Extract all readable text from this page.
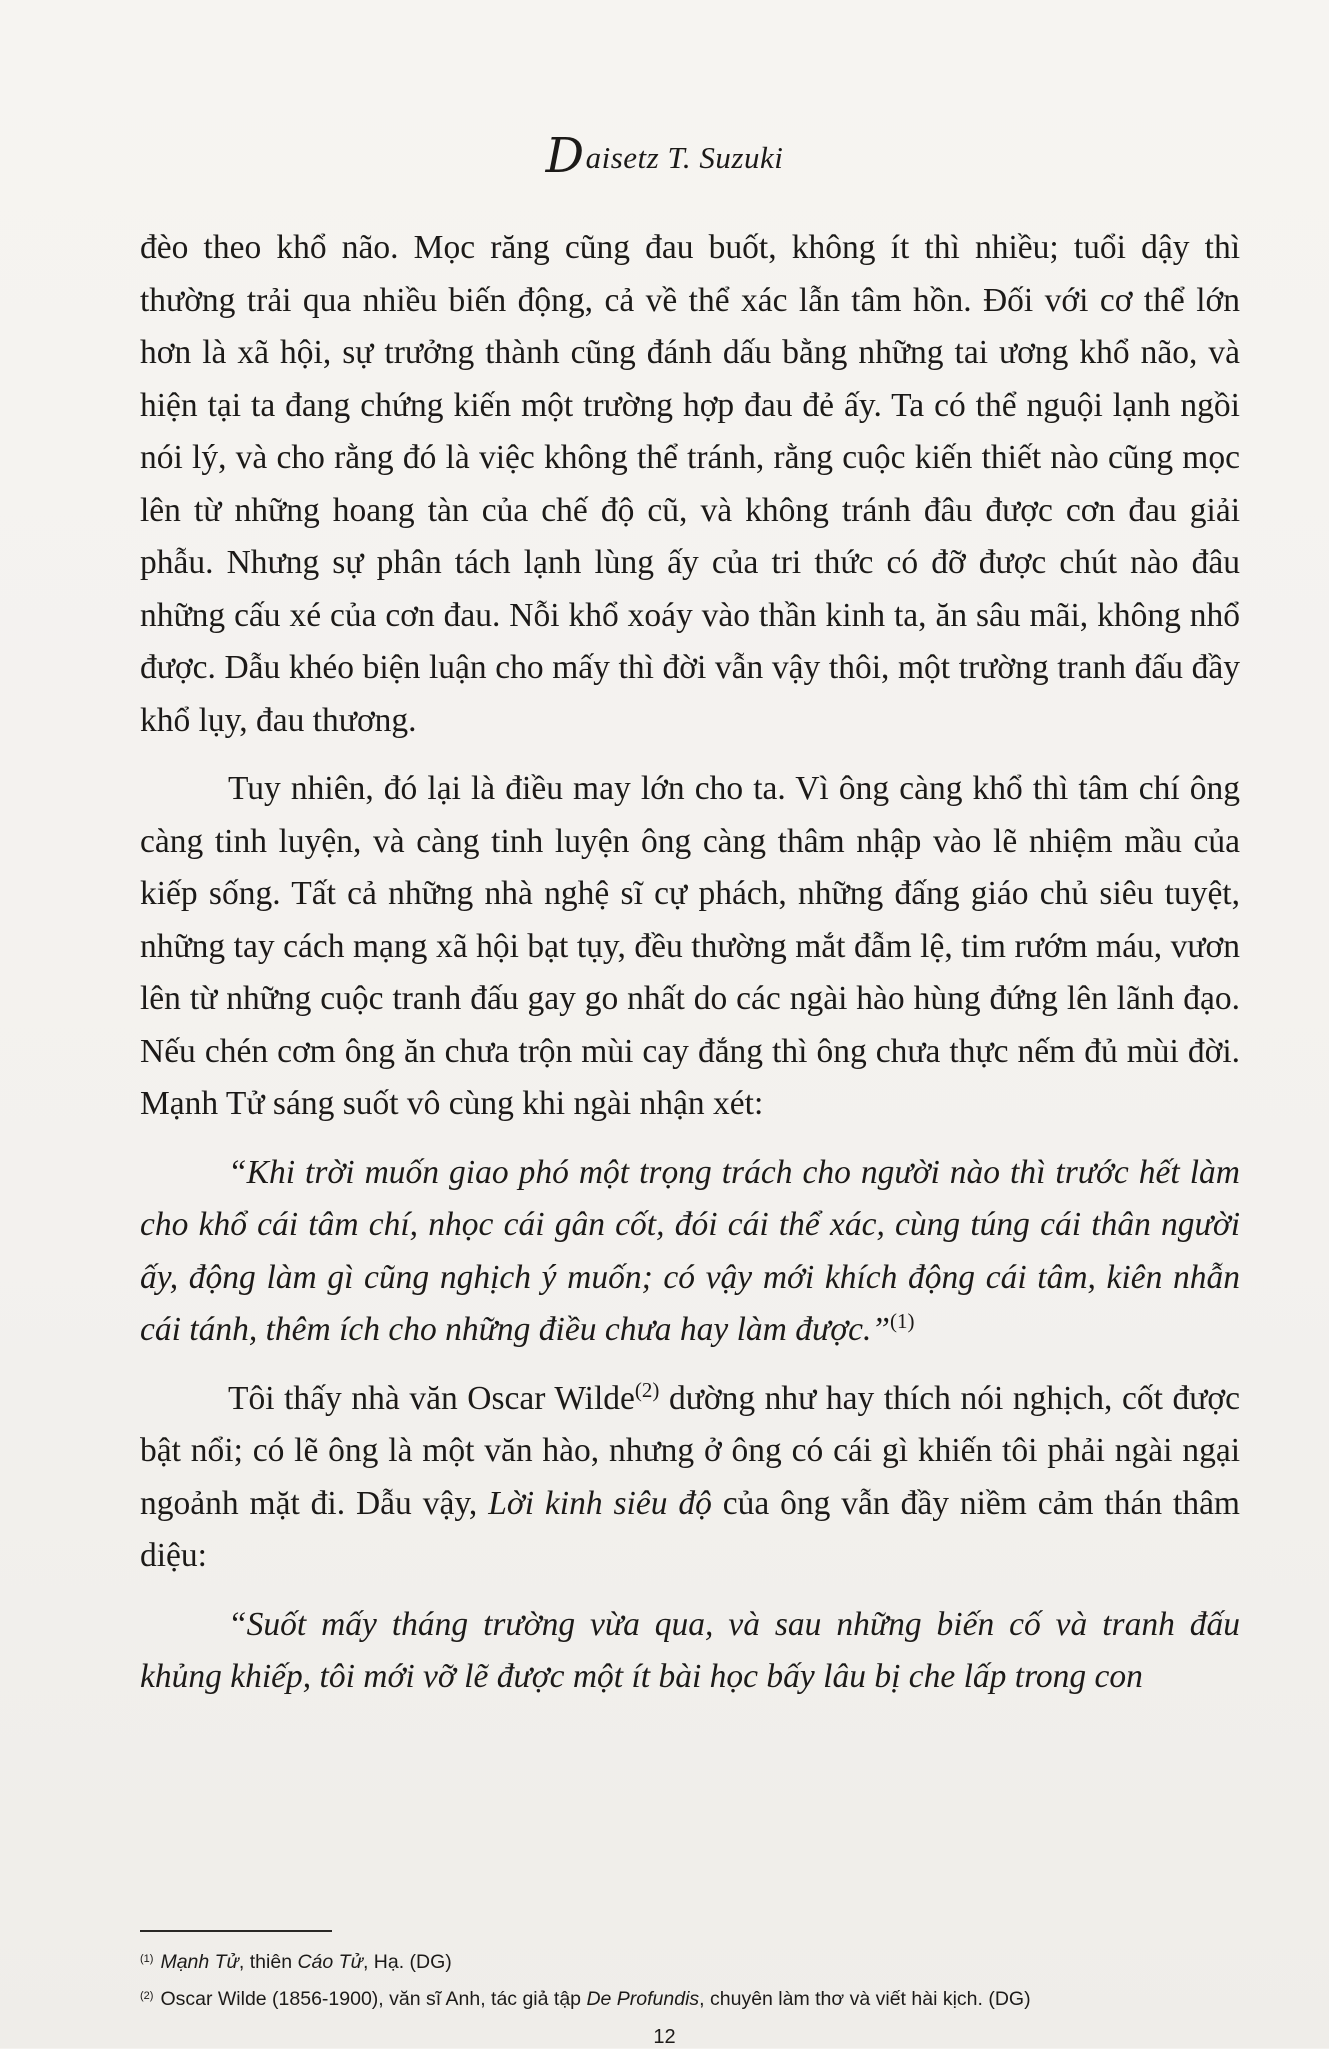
Daisetz T. Suzuki

đèo theo khổ não. Mọc răng cũng đau buốt, không ít thì nhiều; tuổi dậy thì thường trải qua nhiều biến động, cả về thể xác lẫn tâm hồn. Đối với cơ thể lớn hơn là xã hội, sự trưởng thành cũng đánh dấu bằng những tai ương khổ não, và hiện tại ta đang chứng kiến một trường hợp đau đẻ ấy. Ta có thể nguội lạnh ngồi nói lý, và cho rằng đó là việc không thể tránh, rằng cuộc kiến thiết nào cũng mọc lên từ những hoang tàn của chế độ cũ, và không tránh đâu được cơn đau giải phẫu. Nhưng sự phân tách lạnh lùng ấy của tri thức có đỡ được chút nào đâu những cấu xé của cơn đau. Nỗi khổ xoáy vào thần kinh ta, ăn sâu mãi, không nhổ được. Dẫu khéo biện luận cho mấy thì đời vẫn vậy thôi, một trường tranh đấu đầy khổ lụy, đau thương.

Tuy nhiên, đó lại là điều may lớn cho ta. Vì ông càng khổ thì tâm chí ông càng tinh luyện, và càng tinh luyện ông càng thâm nhập vào lẽ nhiệm mầu của kiếp sống. Tất cả những nhà nghệ sĩ cự phách, những đấng giáo chủ siêu tuyệt, những tay cách mạng xã hội bạt tụy, đều thường mắt đẫm lệ, tim rướm máu, vươn lên từ những cuộc tranh đấu gay go nhất do các ngài hào hùng đứng lên lãnh đạo. Nếu chén cơm ông ăn chưa trộn mùi cay đắng thì ông chưa thực nếm đủ mùi đời. Mạnh Tử sáng suốt vô cùng khi ngài nhận xét:

“Khi trời muốn giao phó một trọng trách cho người nào thì trước hết làm cho khổ cái tâm chí, nhọc cái gân cốt, đói cái thể xác, cùng túng cái thân người ấy, động làm gì cũng nghịch ý muốn; có vậy mới khích động cái tâm, kiên nhẫn cái tánh, thêm ích cho những điều chưa hay làm được.”$^{(1)}$

Tôi thấy nhà văn Oscar Wilde$^{(2)}$ dường như hay thích nói nghịch, cốt được bật nổi; có lẽ ông là một văn hào, nhưng ở ông có cái gì khiến tôi phải ngài ngại ngoảnh mặt đi. Dẫu vậy, Lời kinh siêu độ của ông vẫn đầy niềm cảm thán thâm diệu:

“Suốt mấy tháng trường vừa qua, và sau những biến cố và tranh đấu khủng khiếp, tôi mới vỡ lẽ được một ít bài học bấy lâu bị che lấp trong con

$^{(1)}$ Mạnh Tử, thiên Cáo Tử, Hạ. (DG)
$^{(2)}$ Oscar Wilde (1856-1900), văn sĩ Anh, tác giả tập De Profundis, chuyên làm thơ và viết hài kịch. (DG)
12
